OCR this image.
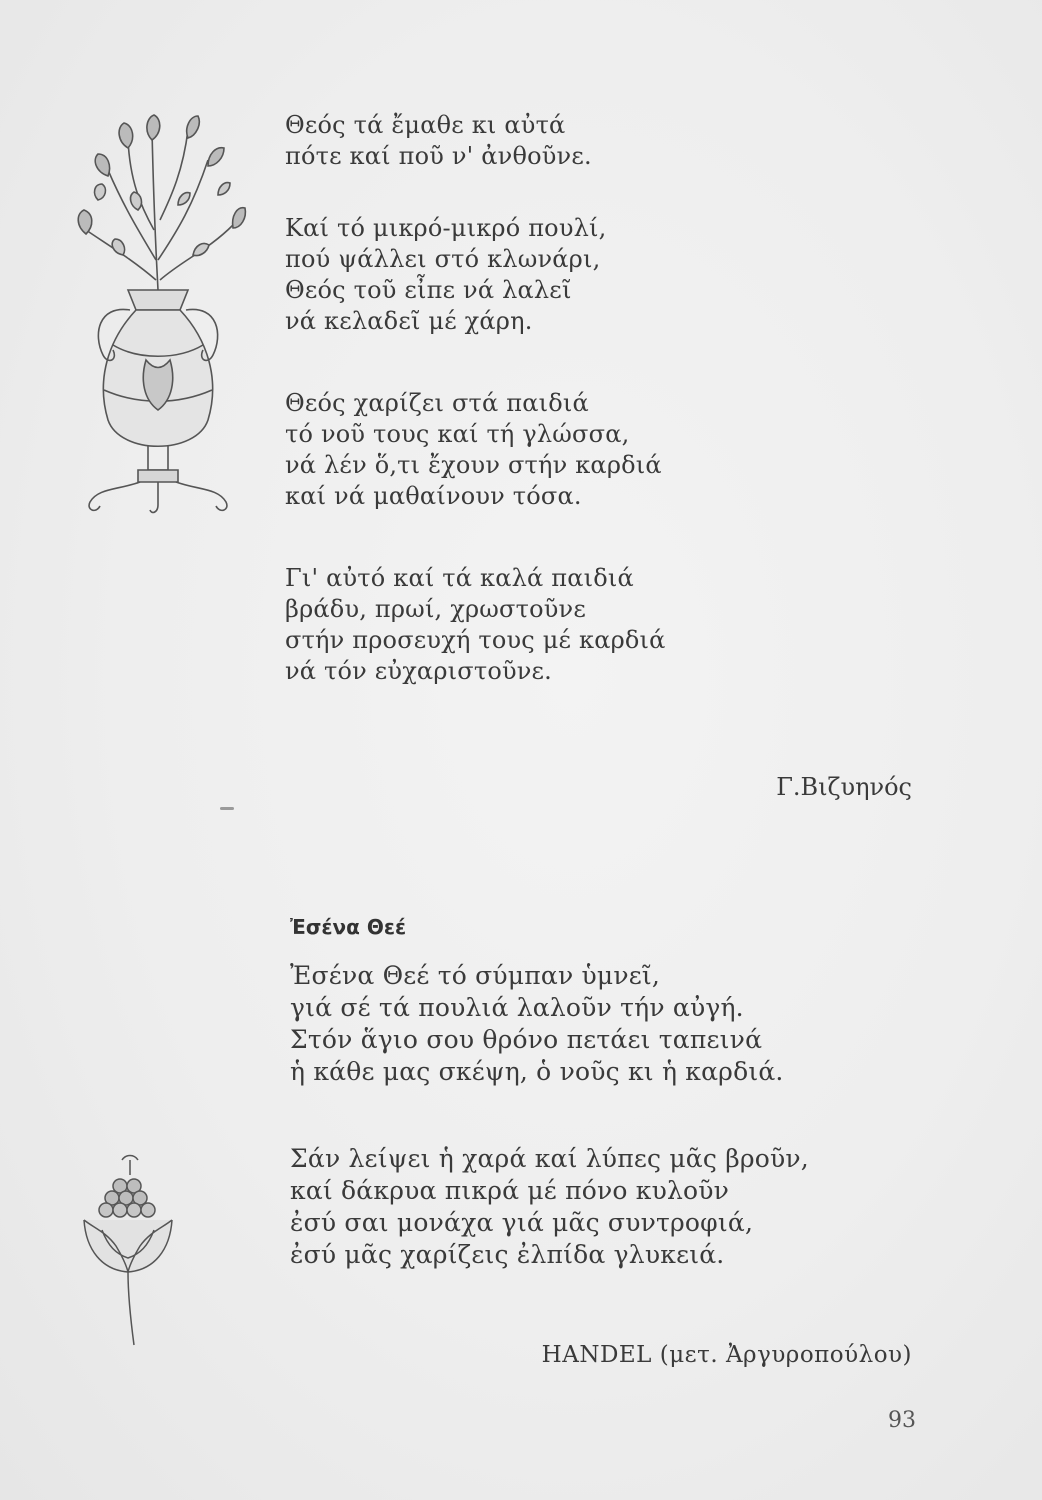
Θεός τά ἔμαθε κι αὐτά
πότε καί ποῦ ν' ἀνθοῦνε.
Καί τό μικρό-μικρό πουλί,
πού ψάλλει στό κλωνάρι,
Θεός τοῦ εἶπε νά λαλεῖ
νά κελαδεῖ μέ χάρη.
Θεός χαρίζει στά παιδιά
τό νοῦ τους καί τή γλώσσα,
νά λέν ὅ,τι ἔχουν στήν καρδιά
καί νά μαθαίνουν τόσα.
Γι' αὐτό καί τά καλά παιδιά
βράδυ, πρωί, χρωστοῦνε
στήν προσευχή τους μέ καρδιά
νά τόν εὐχαριστοῦνε.
Γ.Βιζυηνός
Ἐσένα Θεέ
Ἐσένα Θεέ τό σύμπαν ὑμνεῖ,
γιά σέ τά πουλιά λαλοῦν τήν αὐγή.
Στόν ἅγιο σου θρόνο πετάει ταπεινά
ἡ κάθε μας σκέψη, ὁ νοῦς κι ἡ καρδιά.
Σάν λείψει ἡ χαρά καί λύπες μᾶς βροῦν,
καί δάκρυα πικρά μέ πόνο κυλοῦν
ἐσύ σαι μονάχα γιά μᾶς συντροφιά,
ἐσύ μᾶς χαρίζεις ἐλπίδα γλυκειά.
HANDEL (μετ. Ἀργυροπούλου)
93
